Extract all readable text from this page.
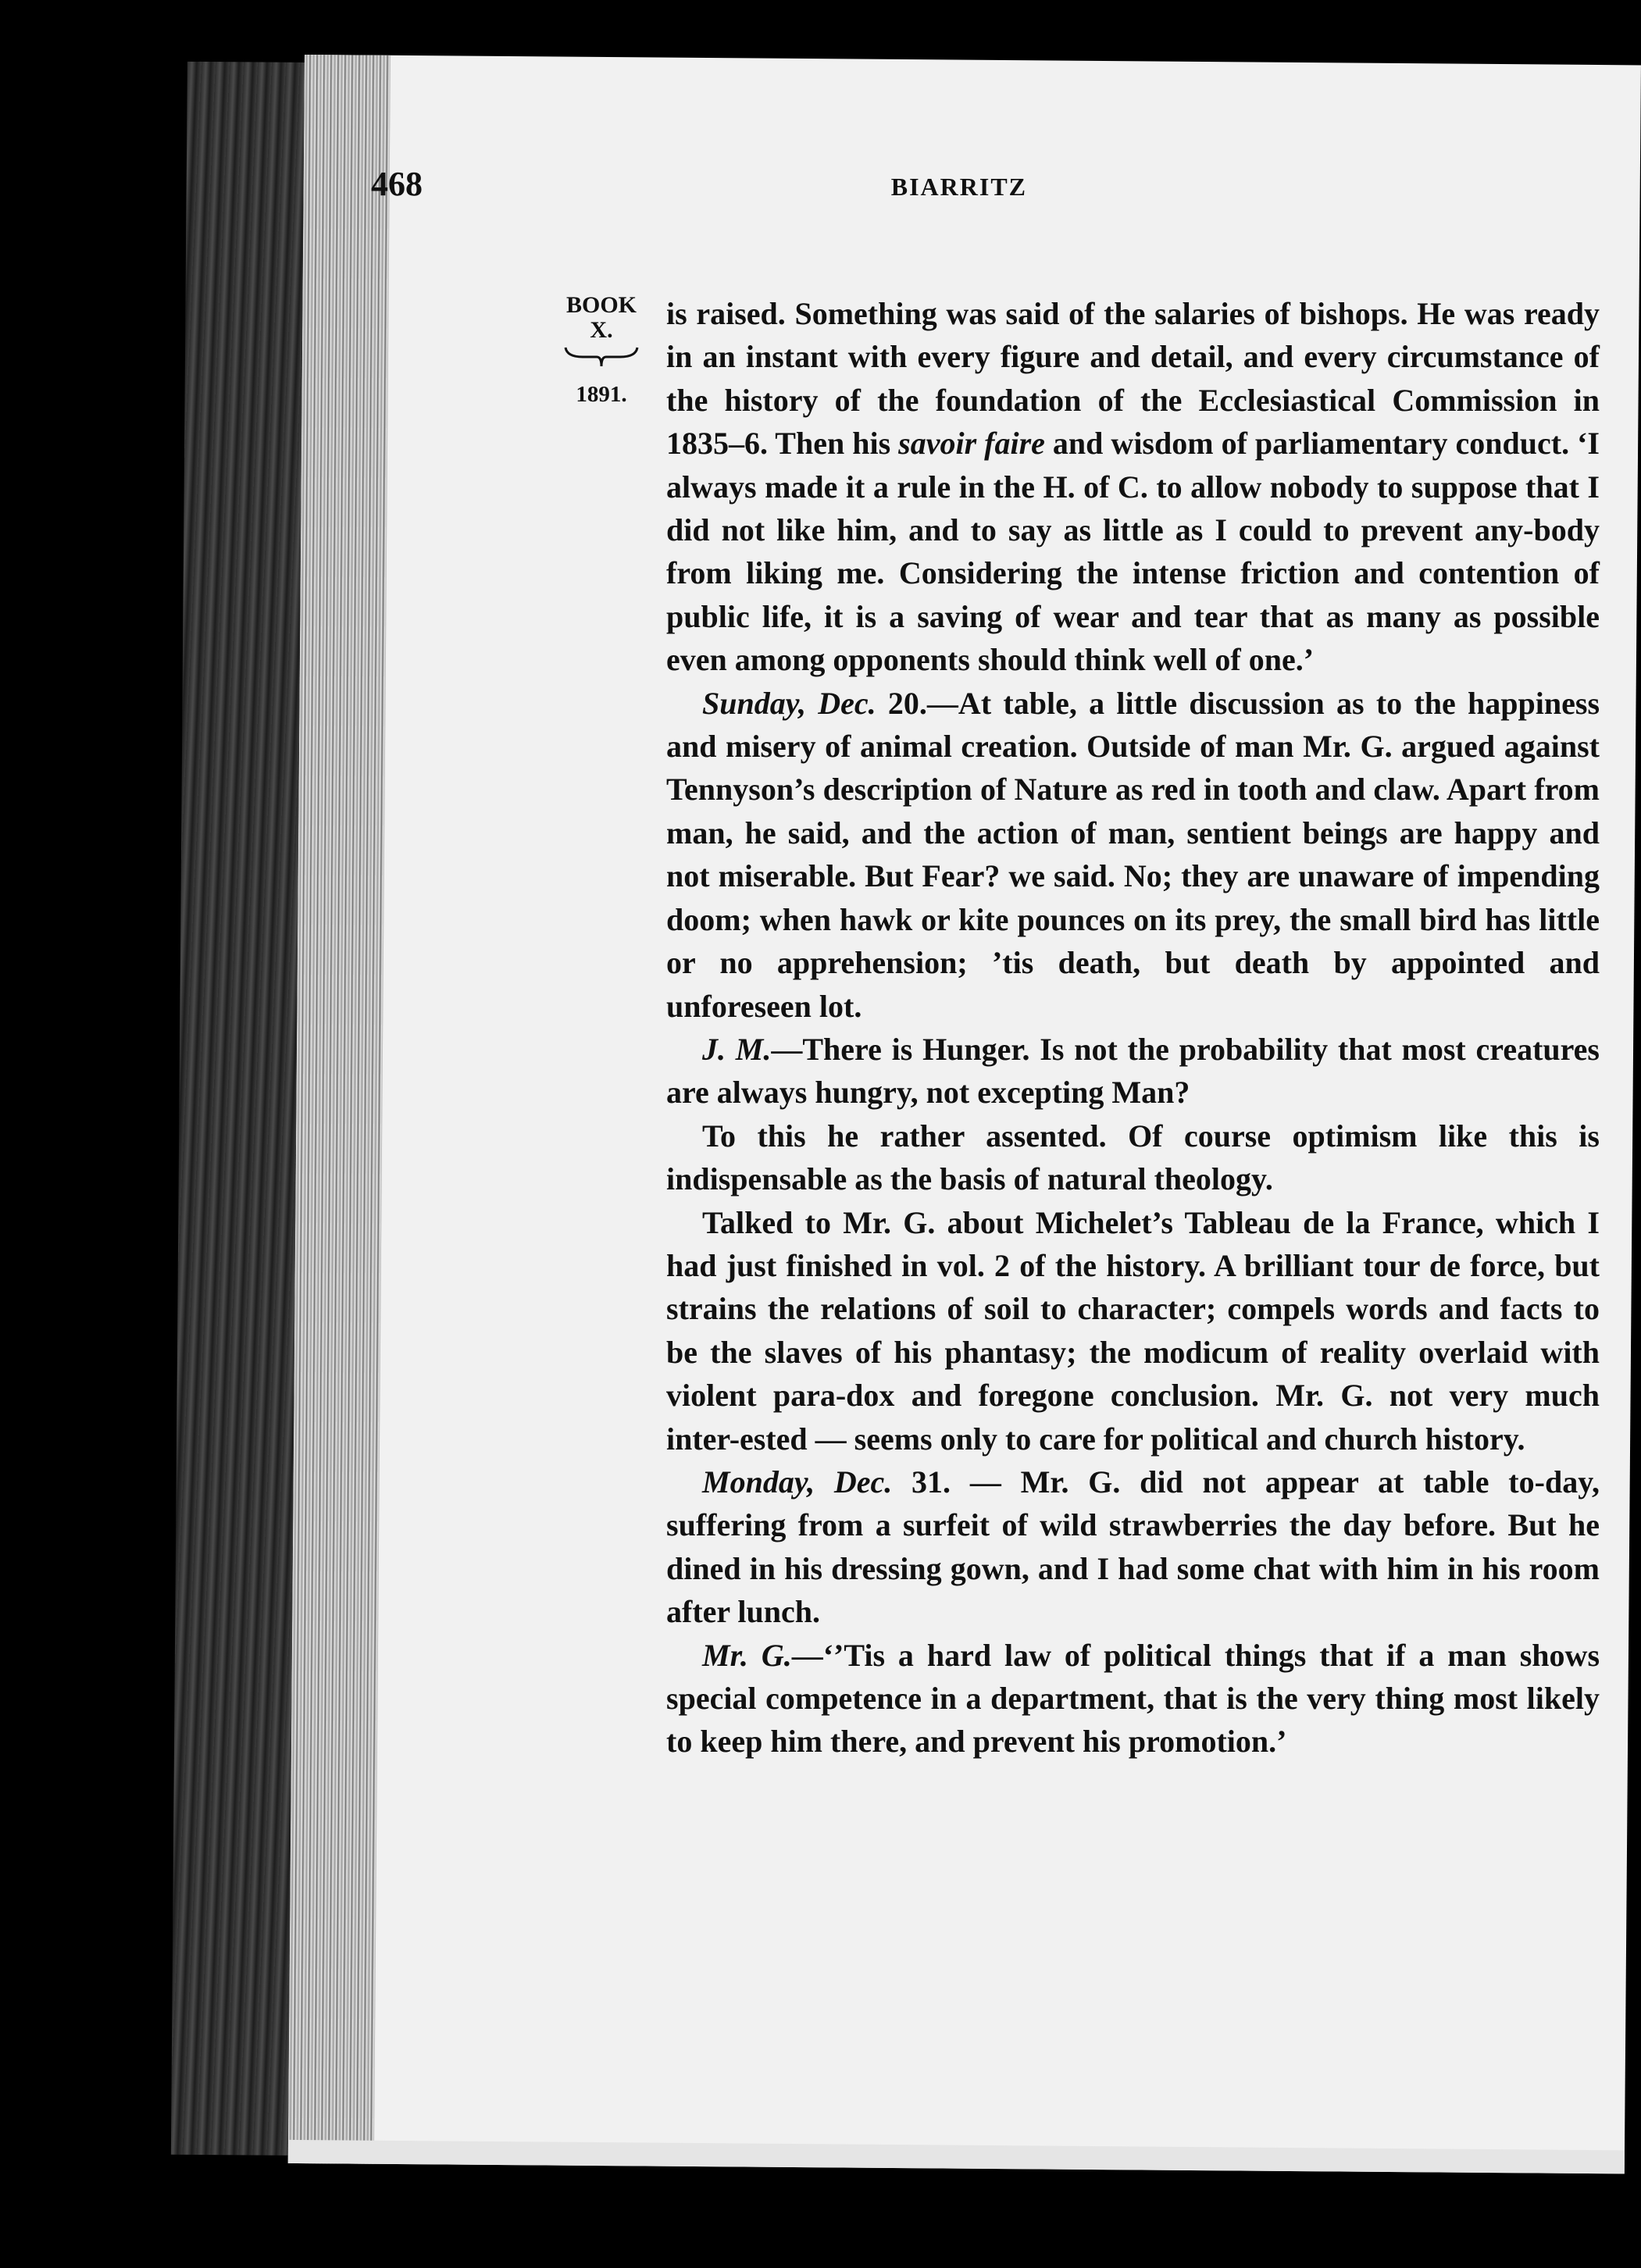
468	BIARRITZ
BOOK
X.
1891.

is raised. Something was said of the salaries of bishops. He was ready in an instant with every figure and detail, and every circumstance of the history of the foundation of the Ecclesiastical Commission in 1835–6. Then his savoir faire and wisdom of parliamentary conduct. ‘I always made it a rule in the H. of C. to allow nobody to suppose that I did not like him, and to say as little as I could to prevent any-body from liking me. Considering the intense friction and contention of public life, it is a saving of wear and tear that as many as possible even among opponents should think well of one.’

Sunday, Dec. 20.—At table, a little discussion as to the happiness and misery of animal creation. Outside of man Mr. G. argued against Tennyson’s description of Nature as red in tooth and claw. Apart from man, he said, and the action of man, sentient beings are happy and not miserable. But Fear? we said. No; they are unaware of impending doom; when hawk or kite pounces on its prey, the small bird has little or no apprehension; ’tis death, but death by appointed and unforeseen lot.

J. M.—There is Hunger. Is not the probability that most creatures are always hungry, not excepting Man?

To this he rather assented. Of course optimism like this is indispensable as the basis of natural theology.

Talked to Mr. G. about Michelet’s Tableau de la France, which I had just finished in vol. 2 of the history. A brilliant tour de force, but strains the relations of soil to character; compels words and facts to be the slaves of his phantasy; the modicum of reality overlaid with violent para-dox and foregone conclusion. Mr. G. not very much inter-ested — seems only to care for political and church history.

Monday, Dec. 31. — Mr. G. did not appear at table to-day, suffering from a surfeit of wild strawberries the day before. But he dined in his dressing gown, and I had some chat with him in his room after lunch.

Mr. G.—‘’Tis a hard law of political things that if a man shows special competence in a department, that is the very thing most likely to keep him there, and prevent his promotion.’
